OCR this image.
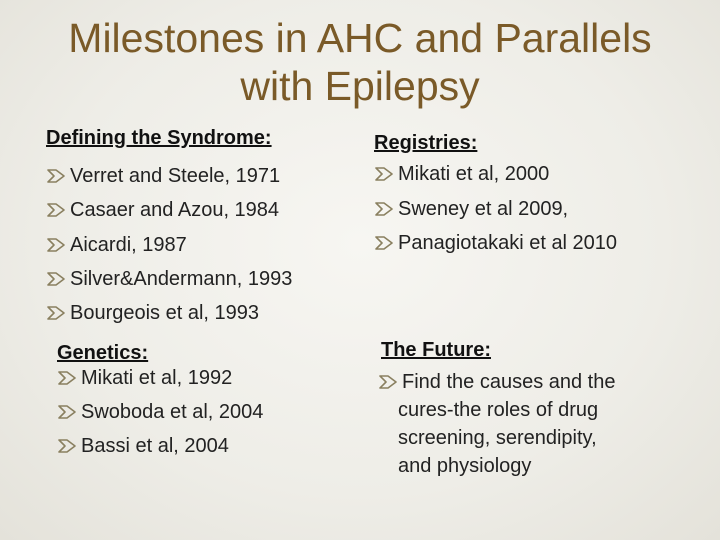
Milestones in AHC and Parallels
with Epilepsy
Defining the Syndrome:
Verret and Steele, 1971
Casaer and Azou, 1984
Aicardi, 1987
Silver&Andermann, 1993
Bourgeois et al, 1993
Registries:
Mikati et al, 2000
Sweney et al 2009,
Panagiotakaki et al 2010
Genetics:
Mikati et al, 1992
Swoboda et al, 2004
Bassi et al, 2004
The Future:
Find the causes and the
cures-the roles of drug
screening, serendipity,
and physiology
